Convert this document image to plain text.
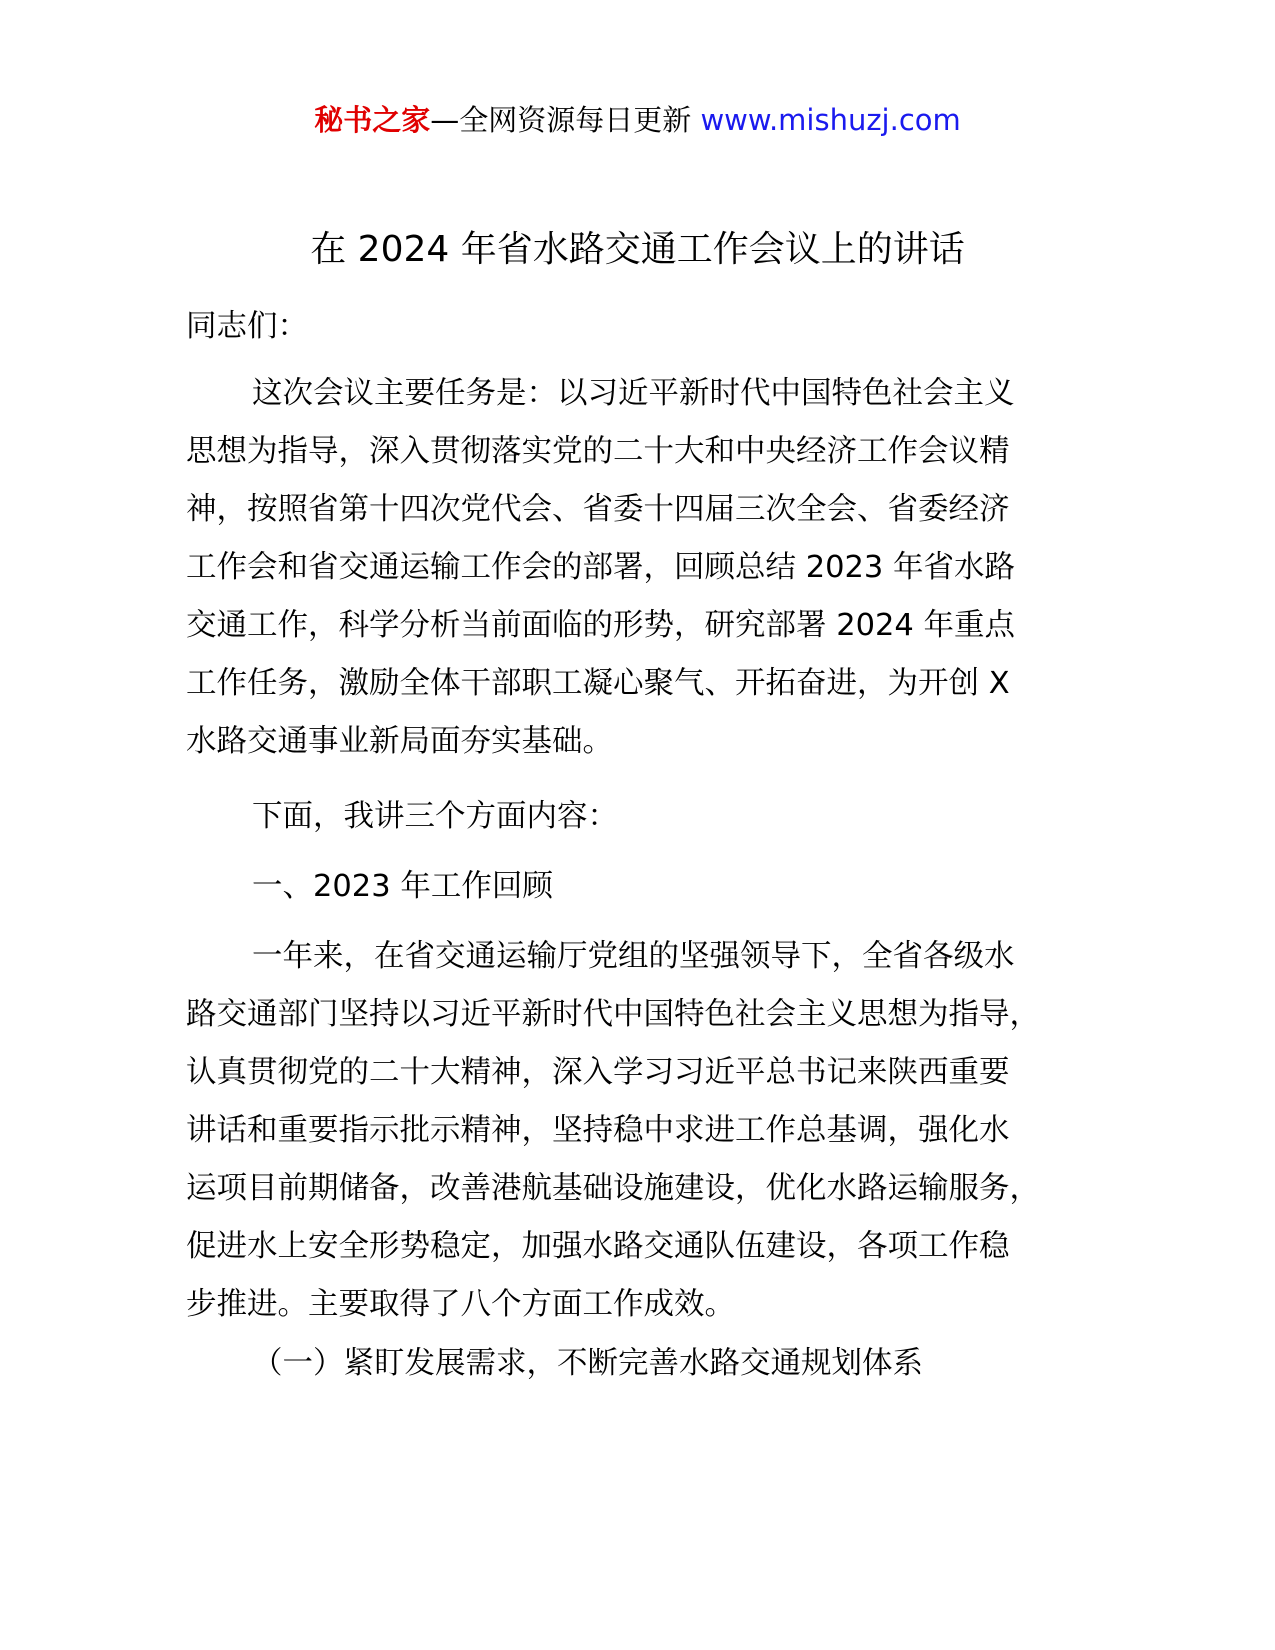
秘书之家—全网资源每日更新 www.mishuzj.com
在 2024 年省水路交通工作会议上的讲话
同志们：
这次会议主要任务是：以习近平新时代中国特色社会主义
思想为指导，深入贯彻落实党的二十大和中央经济工作会议精
神，按照省第十四次党代会、省委十四届三次全会、省委经济
工作会和省交通运输工作会的部署，回顾总结 2023 年省水路
交通工作，科学分析当前面临的形势，研究部署 2024 年重点
工作任务，激励全体干部职工凝心聚气、开拓奋进，为开创 X
水路交通事业新局面夯实基础。
下面，我讲三个方面内容：
一、2023 年工作回顾
一年来，在省交通运输厅党组的坚强领导下，全省各级水
路交通部门坚持以习近平新时代中国特色社会主义思想为指导，
认真贯彻党的二十大精神，深入学习习近平总书记来陕西重要
讲话和重要指示批示精神，坚持稳中求进工作总基调，强化水
运项目前期储备，改善港航基础设施建设，优化水路运输服务，
促进水上安全形势稳定，加强水路交通队伍建设，各项工作稳
步推进。主要取得了八个方面工作成效。
（一）紧盯发展需求，不断完善水路交通规划体系
